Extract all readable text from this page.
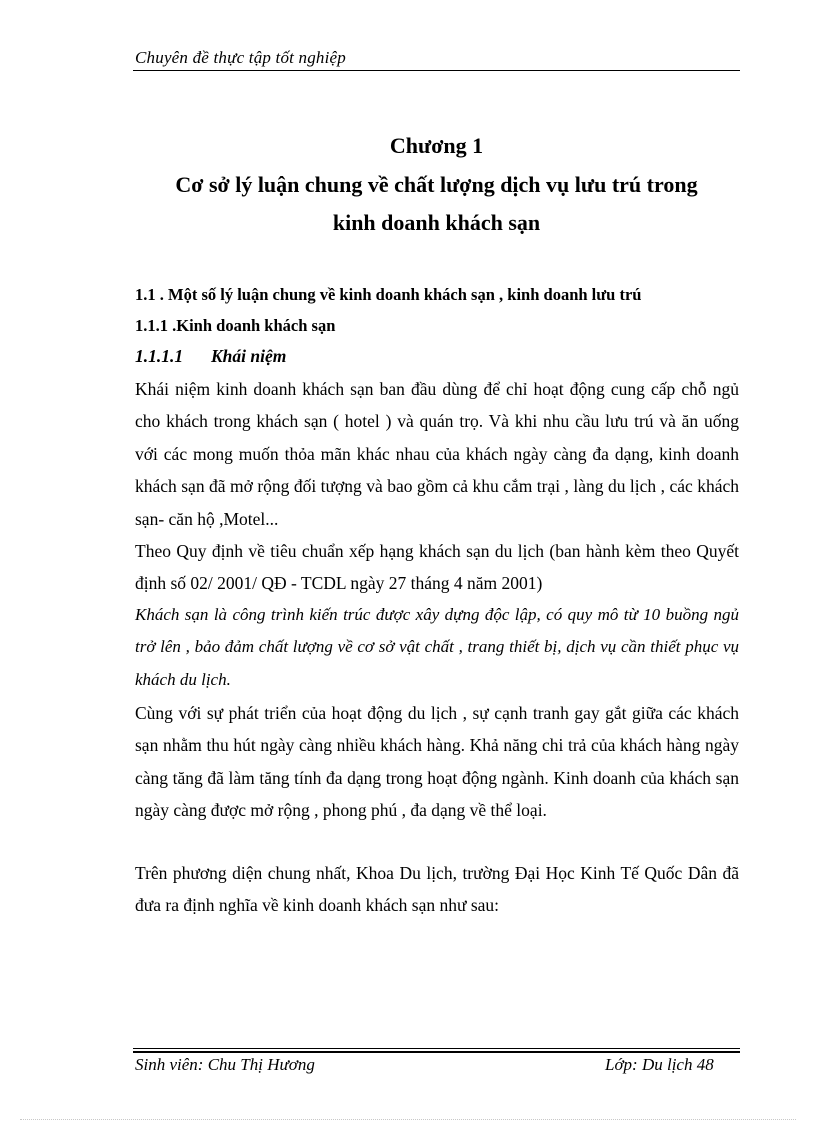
Chuyên đề thực tập tốt nghiệp
Chương 1
Cơ sở lý luận chung về chất lượng dịch vụ lưu trú trong
kinh doanh khách sạn
1.1 . Một số lý luận chung về kinh doanh khách sạn , kinh doanh lưu trú
1.1.1 .Kinh doanh khách sạn
1.1.1.1 Khái niệm
Khái niệm kinh doanh khách sạn ban đầu dùng để chỉ hoạt động cung cấp chỗ ngủ cho khách trong khách sạn ( hotel ) và quán trọ. Và khi nhu cầu lưu trú và ăn uống với các mong muốn thỏa mãn khác nhau của khách ngày càng đa dạng, kinh doanh khách sạn đã mở rộng đối tượng và bao gồm cả khu cắm trại , làng du lịch , các khách sạn- căn hộ ,Motel...
Theo Quy định về tiêu chuẩn xếp hạng khách sạn du lịch (ban hành kèm theo Quyết định số 02/ 2001/ QĐ - TCDL ngày 27 tháng 4 năm 2001)
Khách sạn là công trình kiến trúc được xây dựng độc lập, có quy mô từ 10 buồng ngủ trở lên , bảo đảm chất lượng về cơ sở vật chất , trang thiết bị, dịch vụ cần thiết phục vụ khách du lịch.
Cùng với sự phát triển của hoạt động du lịch , sự cạnh tranh gay gắt giữa các khách sạn nhằm thu hút ngày càng nhiều khách hàng. Khả năng chi trả của khách hàng ngày càng tăng đã làm tăng tính đa dạng trong hoạt động ngành. Kinh doanh của khách sạn ngày càng được mở rộng , phong phú , đa dạng về thể loại.
Trên phương diện chung nhất, Khoa Du lịch, trường Đại Học Kinh Tế Quốc Dân đã đưa ra định nghĩa về kinh doanh khách sạn như sau:
Sinh viên: Chu Thị Hương	Lớp: Du lịch 48
